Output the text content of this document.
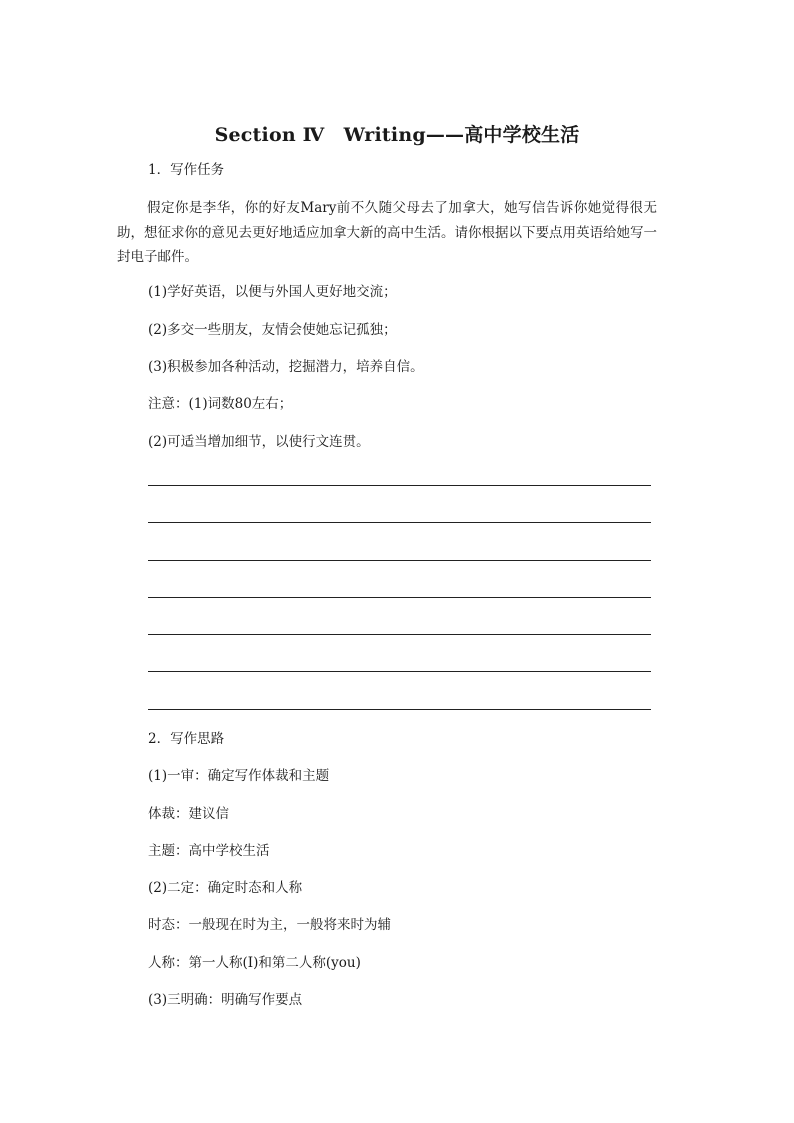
Section Ⅳ　Writing——高中学校生活
1．写作任务
假定你是李华，你的好友Mary前不久随父母去了加拿大，她写信告诉你她觉得很无助，想征求你的意见去更好地适应加拿大新的高中生活。请你根据以下要点用英语给她写一封电子邮件。
(1)学好英语，以便与外国人更好地交流；
(2)多交一些朋友，友情会使她忘记孤独；
(3)积极参加各种活动，挖掘潜力，培养自信。
注意：(1)词数80左右；
(2)可适当增加细节，以使行文连贯。
2．写作思路
(1)一审：确定写作体裁和主题
体裁：建议信
主题：高中学校生活
(2)二定：确定时态和人称
时态：一般现在时为主，一般将来时为辅
人称：第一人称(Ⅰ)和第二人称(you)
(3)三明确：明确写作要点
